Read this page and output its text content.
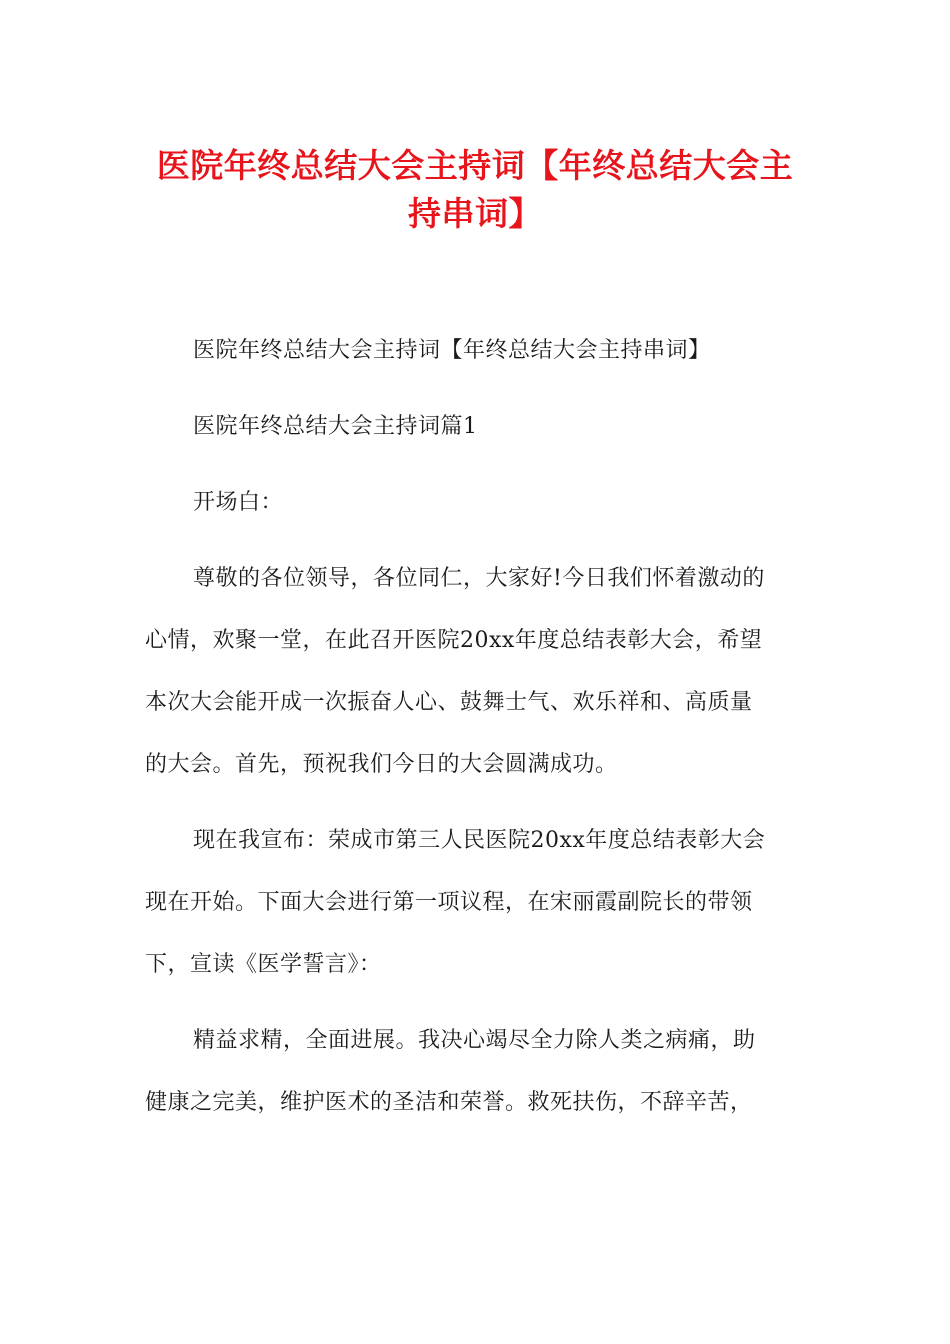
医院年终总结大会主持词【年终总结大会主
持串词】
医院年终总结大会主持词【年终总结大会主持串词】
医院年终总结大会主持词篇1
开场白：
尊敬的各位领导，各位同仁，大家好!今日我们怀着激动的
心情，欢聚一堂，在此召开医院20xx年度总结表彰大会，希望
本次大会能开成一次振奋人心、鼓舞士气、欢乐祥和、高质量
的大会。首先，预祝我们今日的大会圆满成功。
现在我宣布：荣成市第三人民医院20xx年度总结表彰大会
现在开始。下面大会进行第一项议程，在宋丽霞副院长的带领
下，宣读《医学誓言》：
精益求精，全面进展。我决心竭尽全力除人类之病痛，助
健康之完美，维护医术的圣洁和荣誉。救死扶伤，不辞辛苦，
